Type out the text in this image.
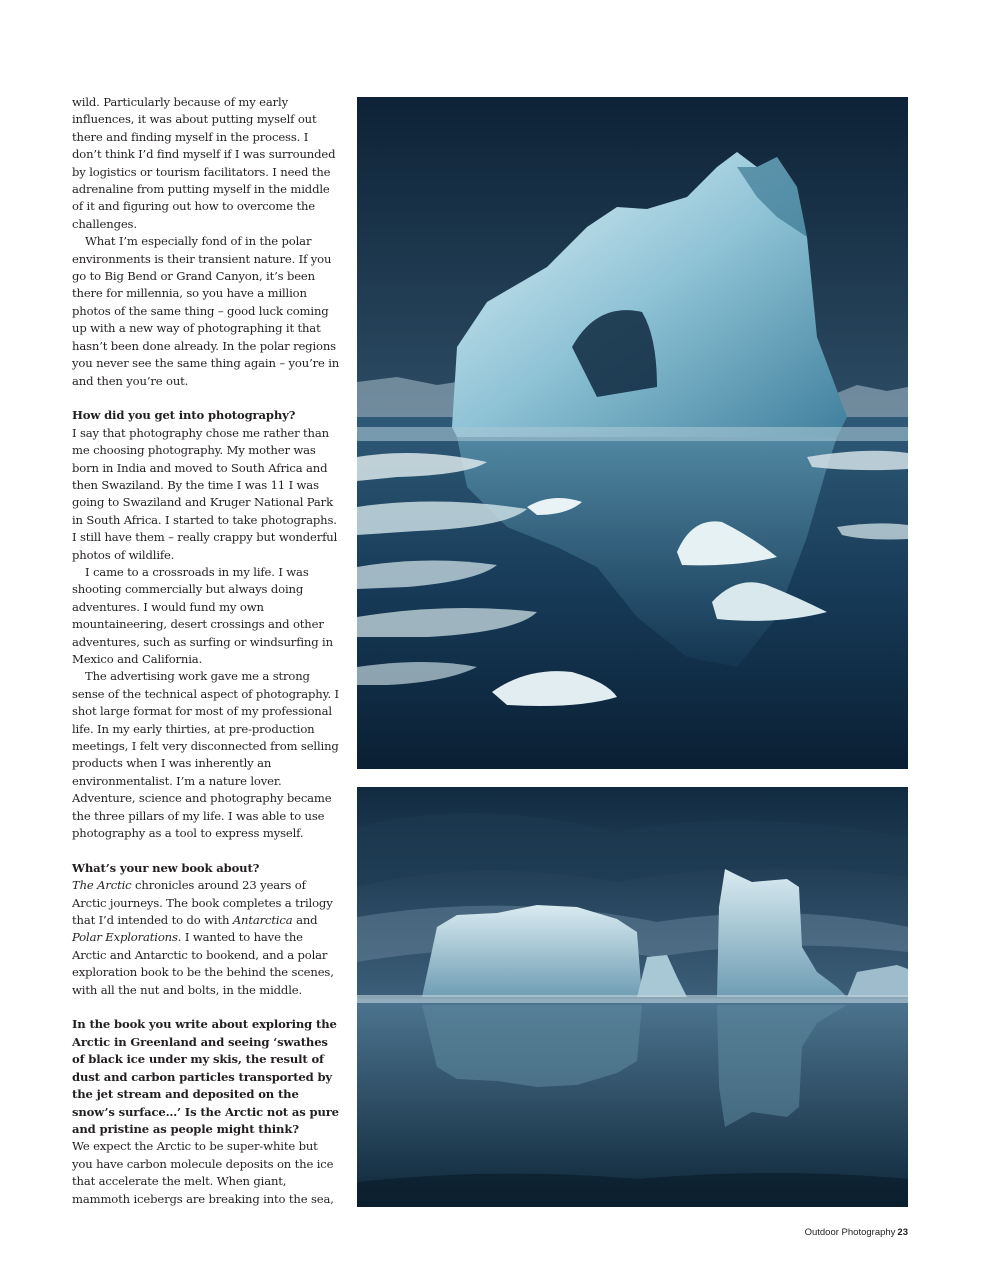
wild. Particularly because of my early influences, it was about putting myself out there and finding myself in the process. I don’t think I’d find myself if I was surrounded by logistics or tourism facilitators. I need the adrenaline from putting myself in the middle of it and figuring out how to overcome the challenges.

What I’m especially fond of in the polar environments is their transient nature. If you go to Big Bend or Grand Canyon, it’s been there for millennia, so you have a million photos of the same thing – good luck coming up with a new way of photographing it that hasn’t been done already. In the polar regions you never see the same thing again – you’re in and then you’re out.

How did you get into photography?

I say that photography chose me rather than me choosing photography. My mother was born in India and moved to South Africa and then Swaziland. By the time I was 11 I was going to Swaziland and Kruger National Park in South Africa. I started to take photographs. I still have them – really crappy but wonderful photos of wildlife.

I came to a crossroads in my life. I was shooting commercially but always doing adventures. I would fund my own mountaineering, desert crossings and other adventures, such as surfing or windsurfing in Mexico and California.

The advertising work gave me a strong sense of the technical aspect of photography. I shot large format for most of my professional life. In my early thirties, at pre-production meetings, I felt very disconnected from selling products when I was inherently an environmentalist. I’m a nature lover. Adventure, science and photography became the three pillars of my life. I was able to use photography as a tool to express myself.

What’s your new book about?

The Arctic chronicles around 23 years of Arctic journeys. The book completes a trilogy that I’d intended to do with Antarctica and Polar Explorations. I wanted to have the Arctic and Antarctic to bookend, and a polar exploration book to be the behind the scenes, with all the nut and bolts, in the middle.

In the book you write about exploring the Arctic in Greenland and seeing ‘swathes of black ice under my skis, the result of dust and carbon particles transported by the jet stream and deposited on the snow’s surface…’ Is the Arctic not as pure and pristine as people might think?

We expect the Arctic to be super-white but you have carbon molecule deposits on the ice that accelerate the melt. When giant, mammoth icebergs are breaking into the sea,

Outdoor Photography 23
